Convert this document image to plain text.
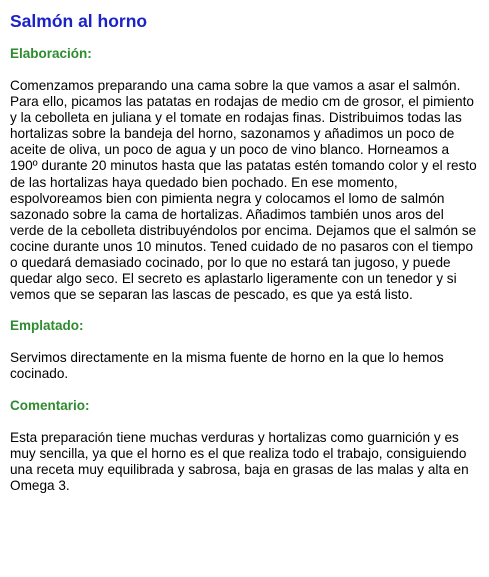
Salmón al horno
Elaboración:

Comenzamos preparando una cama sobre la que vamos a asar el salmón. Para ello, picamos las patatas en rodajas de medio cm de grosor, el pimiento y la cebolleta en juliana y el tomate en rodajas finas. Distribuimos todas las hortalizas sobre la bandeja del horno, sazonamos y añadimos un poco de aceite de oliva, un poco de agua y un poco de vino blanco. Horneamos a 190º durante 20 minutos hasta que las patatas estén tomando color y el resto de las hortalizas haya quedado bien pochado. En ese momento, espolvoreamos bien con pimienta negra y colocamos el lomo de salmón sazonado sobre la cama de hortalizas. Añadimos también unos aros del verde de la cebolleta distribuyéndolos por encima. Dejamos que el salmón se cocine durante unos 10 minutos. Tened cuidado de no pasaros con el tiempo o quedará demasiado cocinado, por lo que no estará tan jugoso, y puede quedar algo seco. El secreto es aplastarlo ligeramente con un tenedor y si vemos que se separan las lascas de pescado, es que ya está listo.

Emplatado:

Servimos directamente en la misma fuente de horno en la que lo hemos cocinado.

Comentario:

Esta preparación tiene muchas verduras y hortalizas como guarnición y es muy sencilla, ya que el horno es el que realiza todo el trabajo, consiguiendo una receta muy equilibrada y sabrosa, baja en grasas de las malas y alta en Omega 3.
